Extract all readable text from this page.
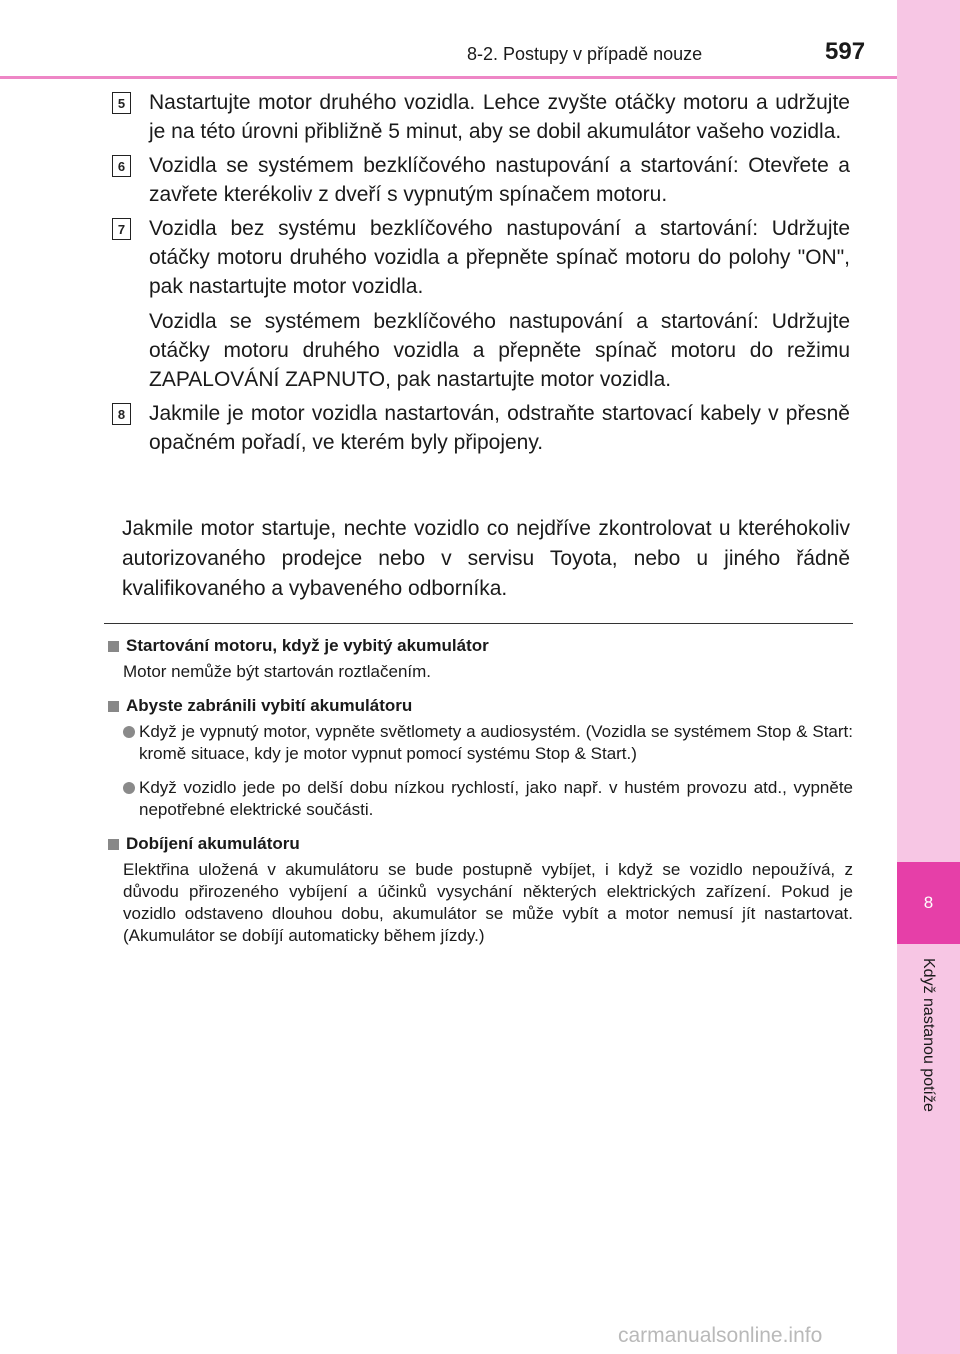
8
Když nastanou potíže
8-2. Postupy v případě nouze	597
5 Nastartujte motor druhého vozidla. Lehce zvyšte otáčky motoru a udržujte je na této úrovni přibližně 5 minut, aby se dobil akumulátor vašeho vozidla.

6 Vozidla se systémem bezklíčového nastupování a startování: Otevřete a zavřete kterékoliv z dveří s vypnutým spínačem motoru.

7 Vozidla bez systému bezklíčového nastupování a startování: Udržujte otáčky motoru druhého vozidla a přepněte spínač motoru do polohy "ON", pak nastartujte motor vozidla.

Vozidla se systémem bezklíčového nastupování a startování: Udržujte otáčky motoru druhého vozidla a přepněte spínač motoru do režimu ZAPALOVÁNÍ ZAPNUTO, pak nastartujte motor vozidla.

8 Jakmile je motor vozidla nastartován, odstraňte startovací kabely v přesně opačném pořadí, ve kterém byly připojeny.

Jakmile motor startuje, nechte vozidlo co nejdříve zkontrolovat u kteréhokoliv autorizovaného prodejce nebo v servisu Toyota, nebo u jiného řádně kvalifikovaného a vybaveného odborníka.

Startování motoru, když je vybitý akumulátor

Motor nemůže být startován roztlačením.

Abyste zabránili vybití akumulátoru

Když je vypnutý motor, vypněte světlomety a audiosystém. (Vozidla se systémem Stop & Start: kromě situace, kdy je motor vypnut pomocí systému Stop & Start.)

Když vozidlo jede po delší dobu nízkou rychlostí, jako např. v hustém provozu atd., vypněte nepotřebné elektrické součásti.

Dobíjení akumulátoru

Elektřina uložená v akumulátoru se bude postupně vybíjet, i když se vozidlo nepoužívá, z důvodu přirozeného vybíjení a účinků vysychání některých elektrických zařízení. Pokud je vozidlo odstaveno dlouhou dobu, akumulátor se může vybít a motor nemusí jít nastartovat. (Akumulátor se dobíjí automaticky během jízdy.)

carmanualsonline.info
